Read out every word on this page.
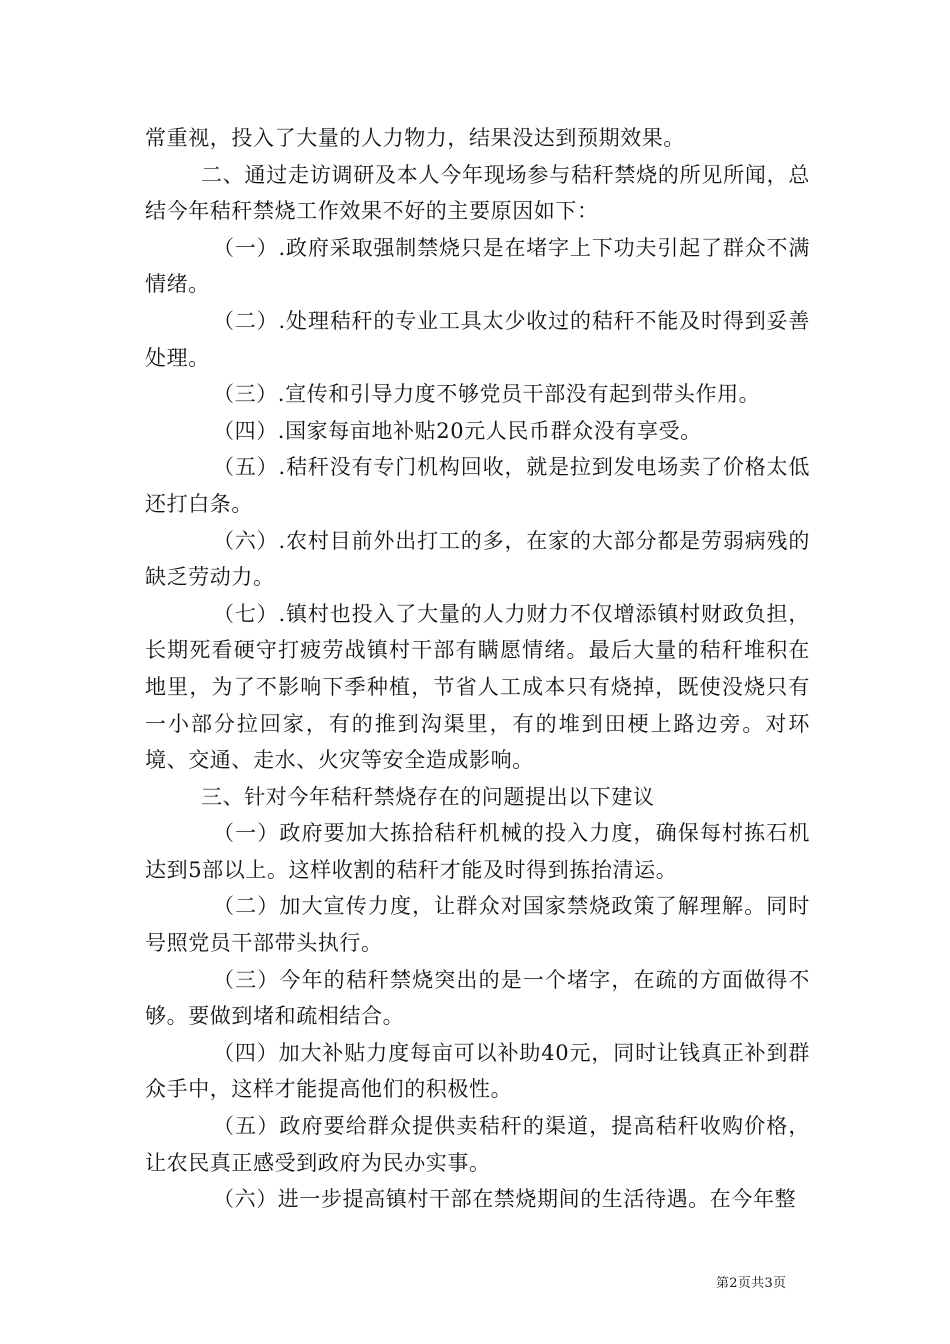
常重视，投入了大量的人力物力，结果没达到预期效果。

二、通过走访调研及本人今年现场参与秸秆禁烧的所见所闻，总结今年秸秆禁烧工作效果不好的主要原因如下：

（一）.政府采取强制禁烧只是在堵字上下功夫引起了群众不满情绪。

（二）.处理秸秆的专业工具太少收过的秸秆不能及时得到妥善处理。

（三）.宣传和引导力度不够党员干部没有起到带头作用。

（四）.国家每亩地补贴20元人民币群众没有享受。

（五）.秸秆没有专门机构回收，就是拉到发电场卖了价格太低还打白条。

（六）.农村目前外出打工的多，在家的大部分都是劳弱病残的缺乏劳动力。

（七）.镇村也投入了大量的人力财力不仅增添镇村财政负担，长期死看硬守打疲劳战镇村干部有瞒愿情绪。最后大量的秸秆堆积在地里，为了不影响下季种植，节省人工成本只有烧掉，既使没烧只有一小部分拉回家，有的推到沟渠里，有的堆到田梗上路边旁。对环境、交通、走水、火灾等安全造成影响。

三、针对今年秸秆禁烧存在的问题提出以下建议

（一）政府要加大拣拾秸秆机械的投入力度，确保每村拣石机达到5部以上。这样收割的秸秆才能及时得到拣抬清运。

（二）加大宣传力度，让群众对国家禁烧政策了解理解。同时号照党员干部带头执行。

（三）今年的秸秆禁烧突出的是一个堵字，在疏的方面做得不够。要做到堵和疏相结合。

（四）加大补贴力度每亩可以补助40元，同时让钱真正补到群众手中，这样才能提高他们的积极性。

（五）政府要给群众提供卖秸秆的渠道，提高秸秆收购价格，让农民真正感受到政府为民办实事。

（六）进一步提高镇村干部在禁烧期间的生活待遇。在今年整

第2页共3页
